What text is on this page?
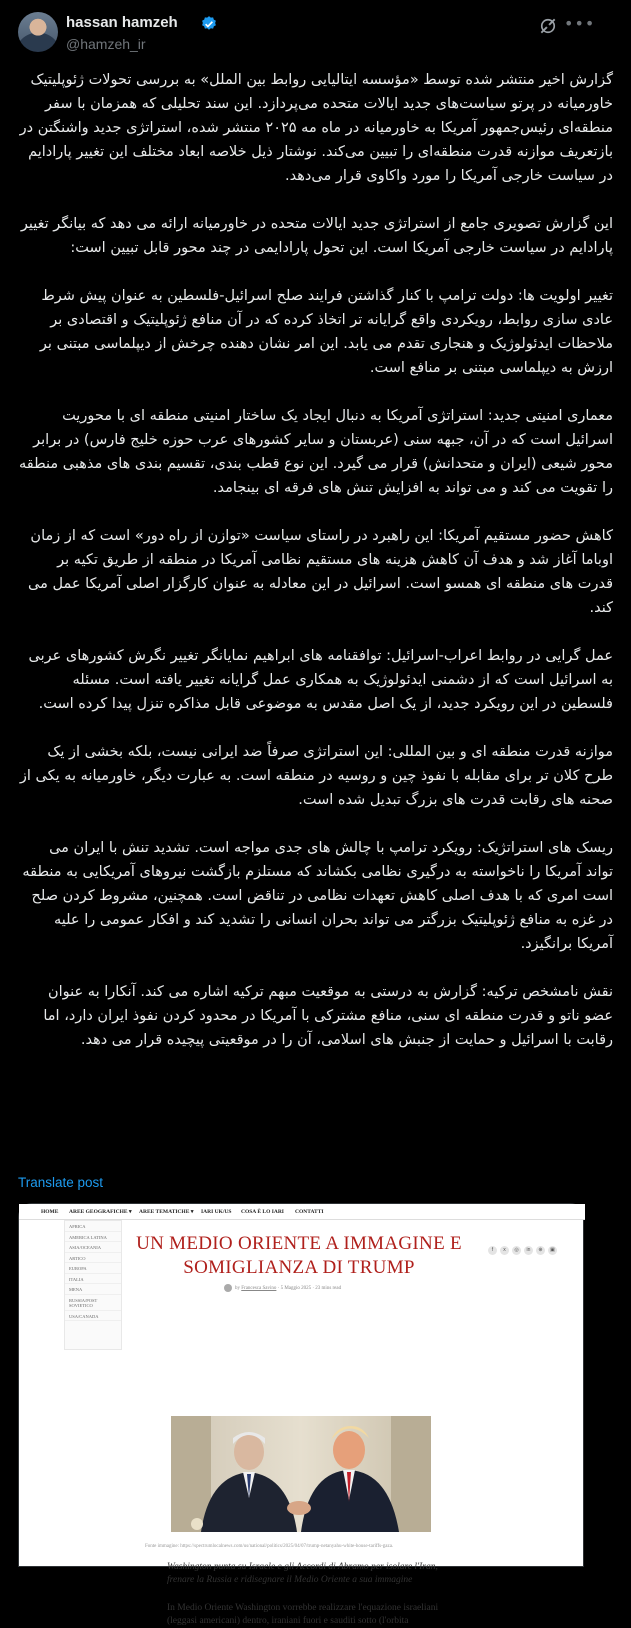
hassan hamzeh
@hamzeh_ir
•••

گزارش اخیر منتشر شده توسط «مؤسسه ایتالیایی روابط بین الملل» به بررسی تحولات ژئوپلیتیک خاورمیانه در پرتو سیاست‌های جدید ایالات متحده می‌پردازد. این سند تحلیلی که همزمان با سفر منطقه‌ای رئیس‌جمهور آمریکا به خاورمیانه در ماه مه ۲۰۲۵ منتشر شده، استراتژی جدید واشنگتن در بازتعریف موازنه قدرت منطقه‌ای را تبیین می‌کند. نوشتار ذیل خلاصه ابعاد مختلف این تغییر پارادایم در سیاست خارجی آمریکا را مورد واکاوی قرار می‌دهد.

این گزارش تصویری جامع از استراتژی جدید ایالات متحده در خاورمیانه ارائه می دهد که بیانگر تغییر پارادایم در سیاست خارجی آمریکا است. این تحول پارادایمی در چند محور قابل تبیین است:

تغییر اولویت ها: دولت ترامپ با کنار گذاشتن فرایند صلح اسرائیل-فلسطین به عنوان پیش شرط عادی سازی روابط، رویکردی واقع گرایانه تر اتخاذ کرده که در آن منافع ژئوپلیتیک و اقتصادی بر ملاحظات ایدئولوژیک و هنجاری تقدم می یابد. این امر نشان دهنده چرخش از دیپلماسی مبتنی بر ارزش به دیپلماسی مبتنی بر منافع است.

معماری امنیتی جدید: استراتژی آمریکا به دنبال ایجاد یک ساختار امنیتی منطقه ای با محوریت اسرائیل است که در آن، جبهه سنی (عربستان و سایر کشورهای عرب حوزه خلیج فارس) در برابر محور شیعی (ایران و متحدانش) قرار می گیرد. این نوع قطب بندی، تقسیم بندی های مذهبی منطقه را تقویت می کند و می تواند به افزایش تنش های فرقه ای بینجامد.

کاهش حضور مستقیم آمریکا: این راهبرد در راستای سیاست «توازن از راه دور» است که از زمان اوباما آغاز شد و هدف آن کاهش هزینه های مستقیم نظامی آمریکا در منطقه از طریق تکیه بر قدرت های منطقه ای همسو است. اسرائیل در این معادله به عنوان کارگزار اصلی آمریکا عمل می کند.

عمل گرایی در روابط اعراب-اسرائیل: توافقنامه های ابراهیم نمایانگر تغییر نگرش کشورهای عربی به اسرائیل است که از دشمنی ایدئولوژیک به همکاری عمل گرایانه تغییر یافته است. مسئله فلسطین در این رویکرد جدید، از یک اصل مقدس به موضوعی قابل مذاکره تنزل پیدا کرده است.

موازنه قدرت منطقه ای و بین المللی: این استراتژی صرفاً ضد ایرانی نیست، بلکه بخشی از یک طرح کلان تر برای مقابله با نفوذ چین و روسیه در منطقه است. به عبارت دیگر، خاورمیانه به یکی از صحنه های رقابت قدرت های بزرگ تبدیل شده است.

ریسک های استراتژیک: رویکرد ترامپ با چالش های جدی مواجه است. تشدید تنش با ایران می تواند آمریکا را ناخواسته به درگیری نظامی بکشاند که مستلزم بازگشت نیروهای آمریکایی به منطقه است امری که با هدف اصلی کاهش تعهدات نظامی در تناقض است. همچنین، مشروط کردن صلح در غزه به منافع ژئوپلیتیک بزرگتر می تواند بحران انسانی را تشدید کند و افکار عمومی را علیه آمریکا برانگیزد.

نقش نامشخص ترکیه: گزارش به درستی به موقعیت مبهم ترکیه اشاره می کند. آنکارا به عنوان عضو ناتو و قدرت منطقه ای سنی، منافع مشترکی با آمریکا در محدود کردن نفوذ ایران دارد، اما رقابت با اسرائیل و حمایت از جنبش های اسلامی، آن را در موقعیتی پیچیده قرار می دهد.

Translate post
HOME AREE GEOGRAFICHE ▾ AREE TEMATICHE ▾ IARI UK/US COSA È LO IARI CONTATTI
AFRICA
AMERICA LATINA
ASIA/OCEANIA
ARTICO
EUROPA
ITALIA
MENA
RUSSIA/POST SOVIETICO
USA/CANADA
f x ◎ in ⊕ ▣
UN MEDIO ORIENTE A IMMAGINE E SOMIGLIANZA DI TRUMP
by Francesca Savino · 5 Maggio 2025 · 23 mins read
Fonte immagine: https://spectrumlocalnews.com/us/national/politics/2025/04/07/trump-netanyahu-white-house-tariffs-gaza.
Washington punta su Israele e gli Accordi di Abramo per isolare l'Iran, frenare la Russia e ridisegnare il Medio Oriente a sua immagine
In Medio Oriente Washington vorrebbe realizzare l'equazione israeliani (leggasi americani) dentro, iraniani fuori e sauditi sotto (l'orbita
